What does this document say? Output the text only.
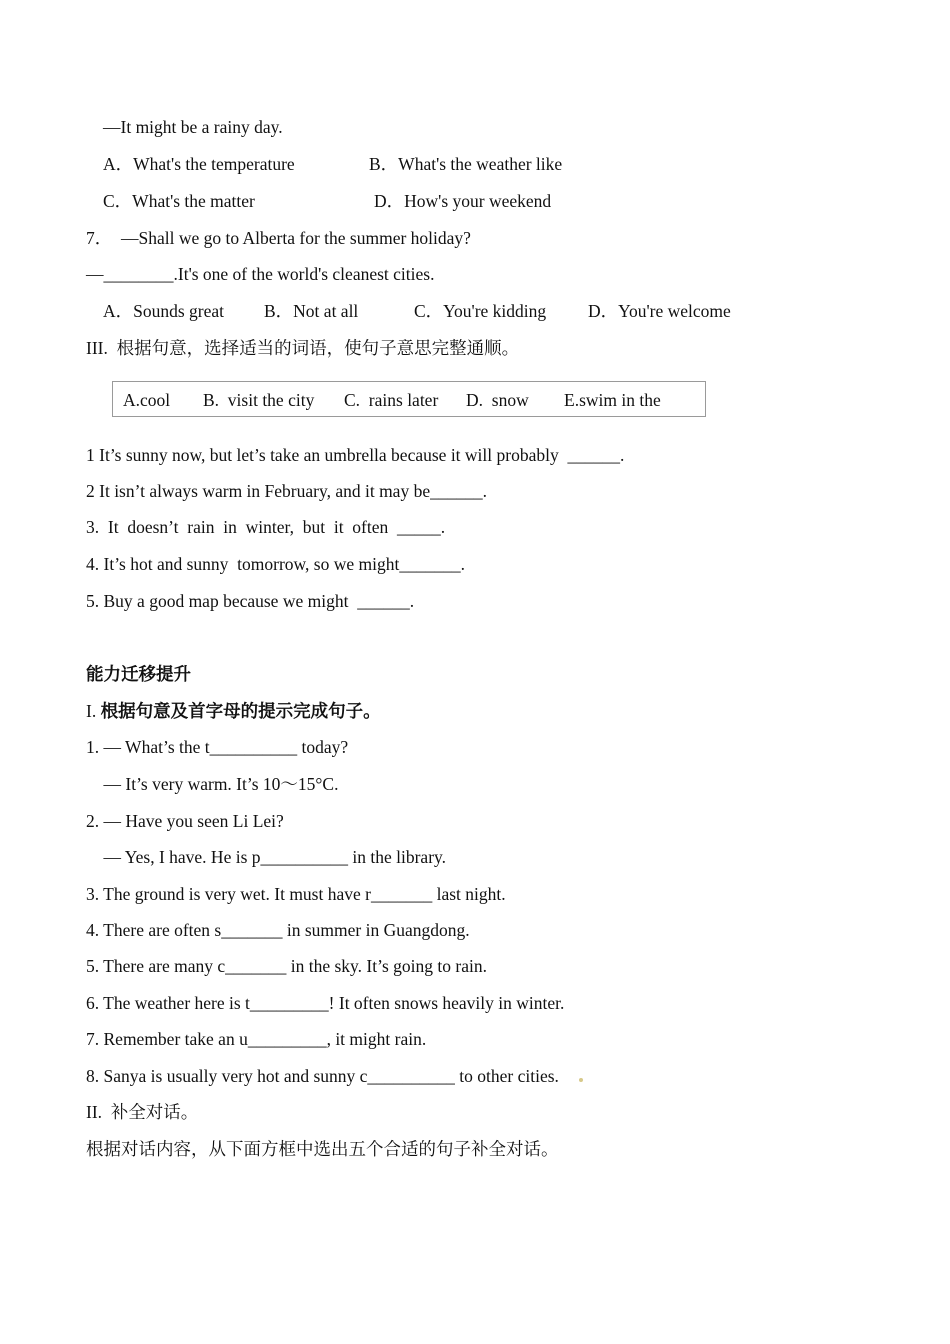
—It might be a rainy day.
A．What's the temperature	B．What's the weather like
C．What's the matter	D．How's your weekend
7．  —Shall we go to Alberta for the summer holiday?
—________.It's one of the world's cleanest cities.
A．Sounds great B．Not at all	C．You're kidding D．You're welcome
III.  根据句意，选择适当的词语，使句子意思完整通顺。
A.cool B.  visit the city C.  rains later D.  snow E.swim in the
1 It’s sunny now, but let’s take an umbrella because it will probably  ______.
2 It isn’t always warm in February, and it may be______.
3.  It  doesn’t  rain  in  winter,  but  it  often  _____.
4. It’s hot and sunny  tomorrow, so we might_______.
5. Buy a good map because we might  ______.
能力迁移提升
I. 根据句意及首字母的提示完成句子。
1. — What’s the t__________ today?
— It’s very warm. It’s 10～15°C.
2. — Have you seen Li Lei?
— Yes, I have. He is p__________ in the library.
3. The ground is very wet. It must have r_______ last night.
4. There are often s_______ in summer in Guangdong.
5. There are many c_______ in the sky. It’s going to rain.
6. The weather here is t_________! It often snows heavily in winter.
7. Remember take an u_________, it might rain.
8. Sanya is usually very hot and sunny c__________ to other cities.
II.  补全对话。
根据对话内容，从下面方框中选出五个合适的句子补全对话。
